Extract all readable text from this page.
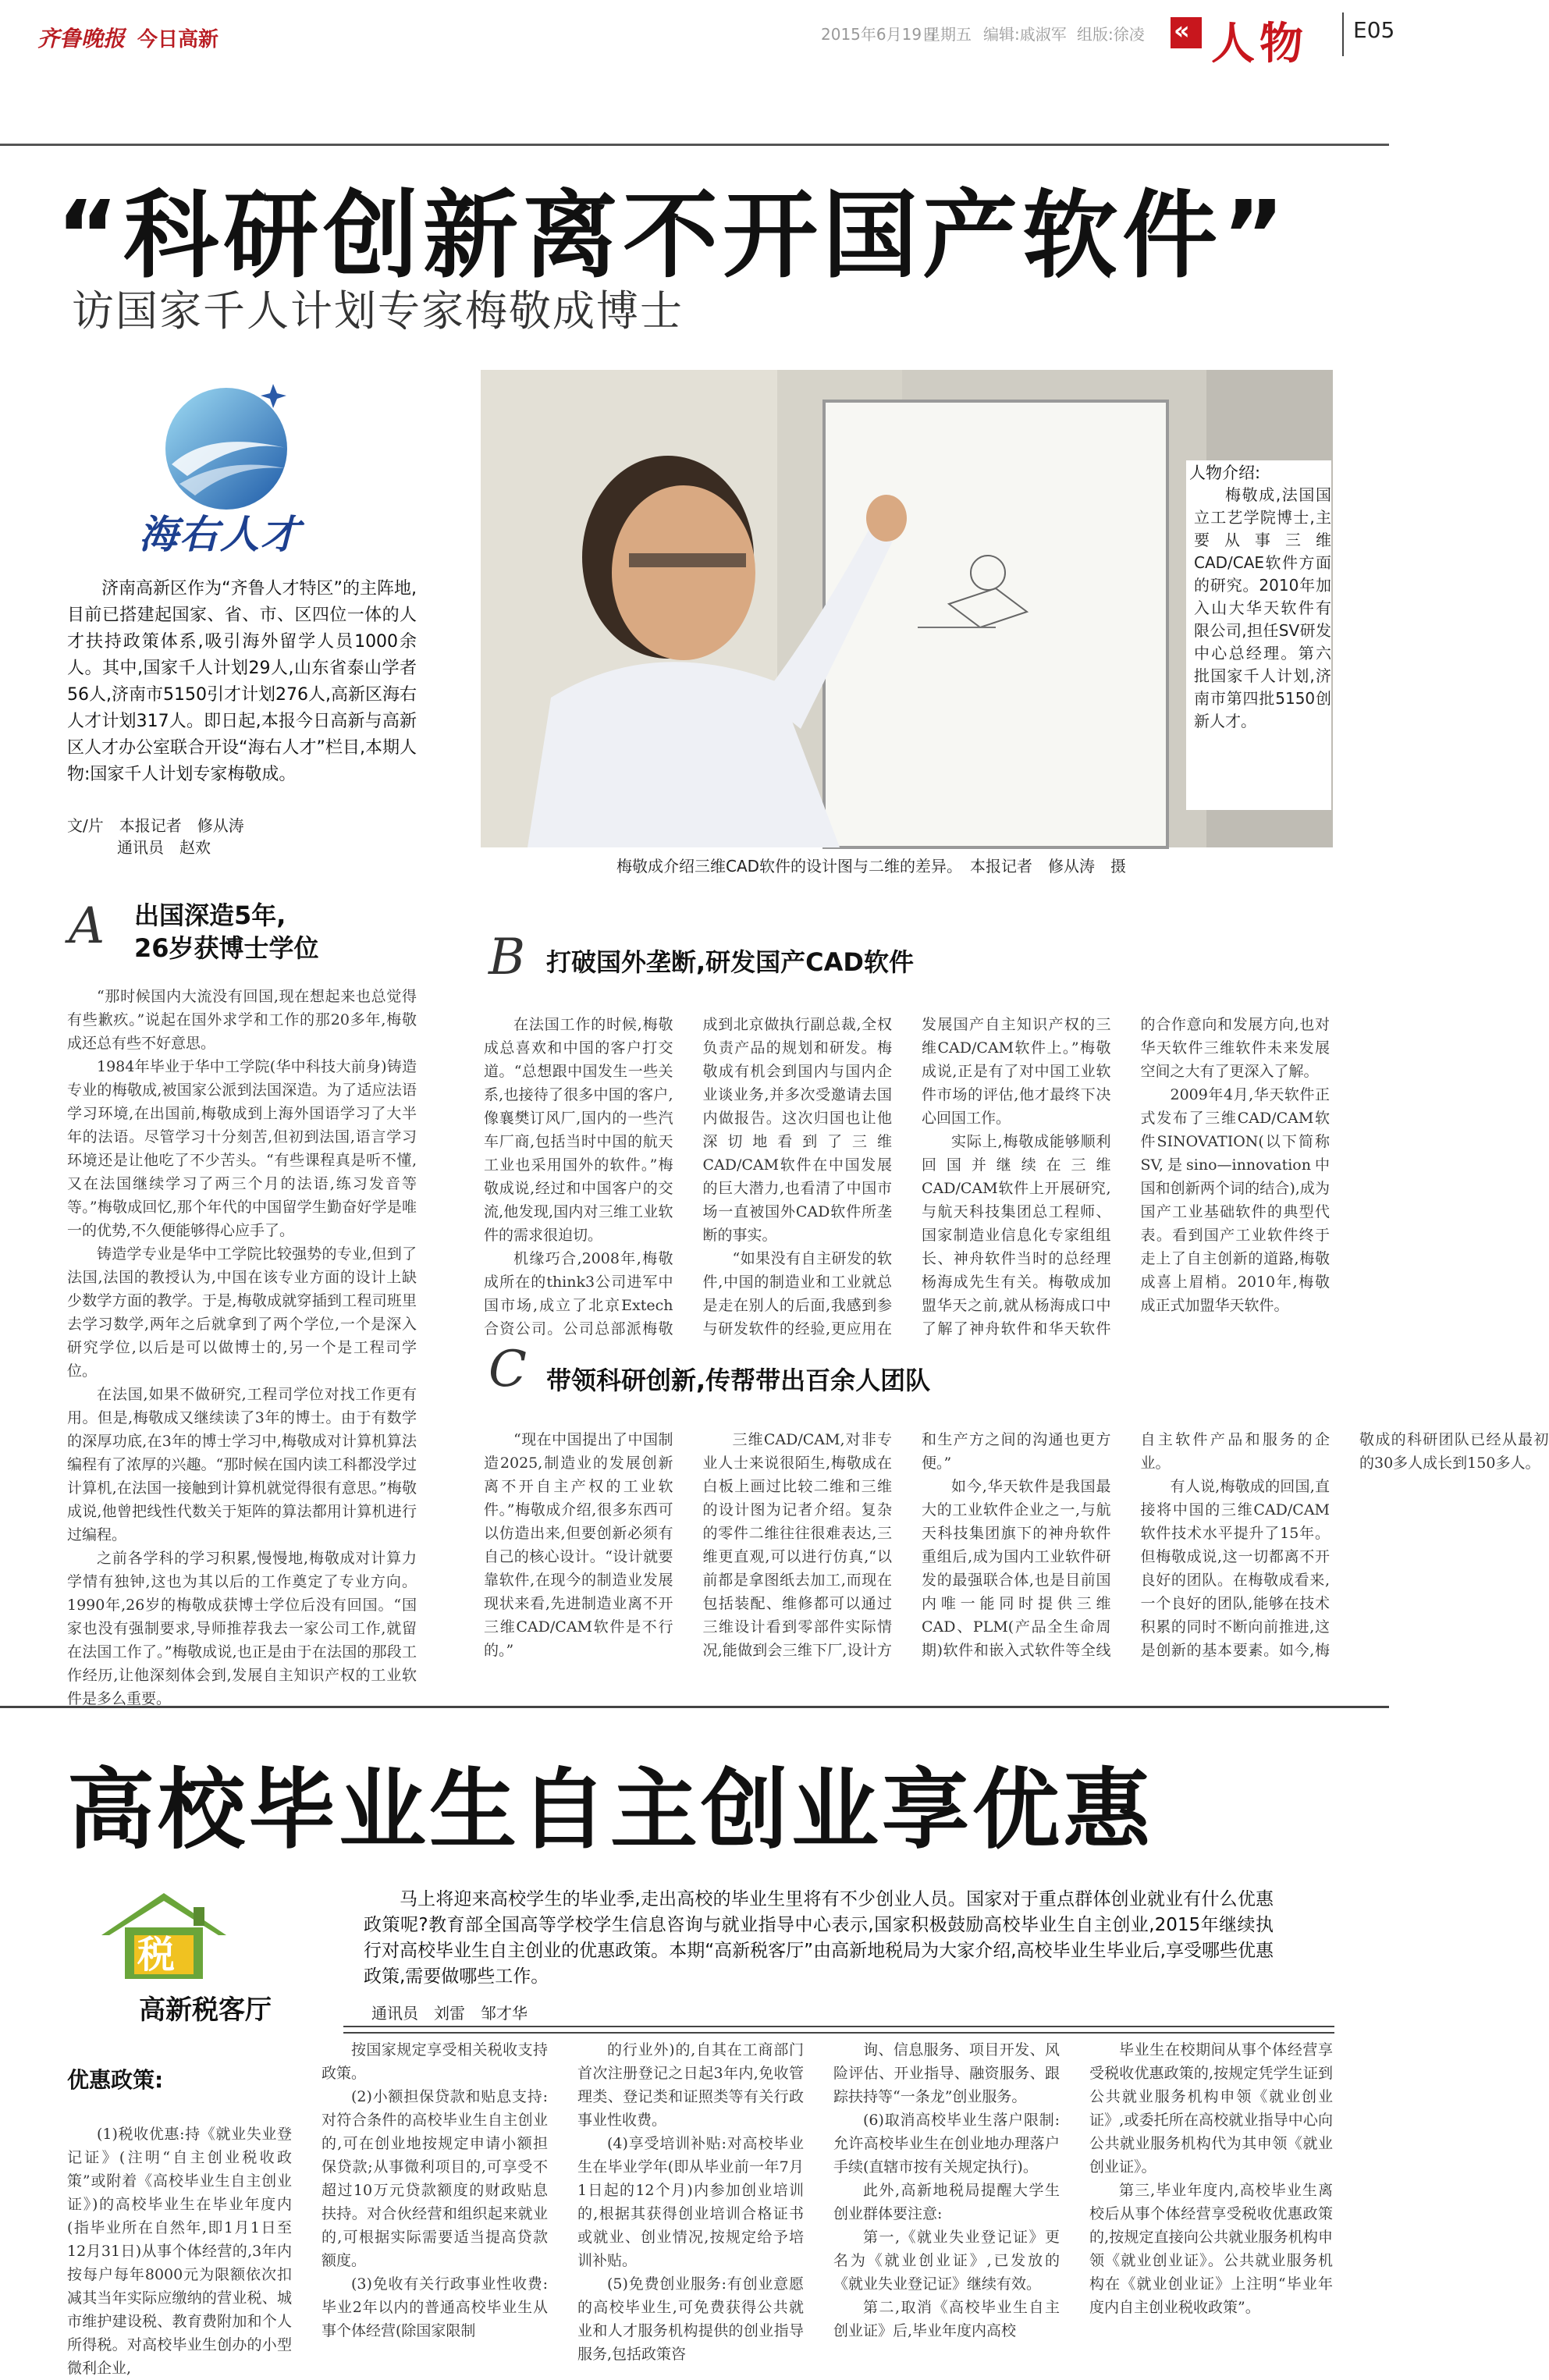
齐鲁晚报 今日高新	2015年6月19日
星期五 编辑:戚淑军 组版:徐凌 « 人物 E05
“科研创新离不开国产软件”
访国家千人计划专家梅敬成博士
海右人才
济南高新区作为“齐鲁人才特区”的主阵地,目前已搭建起国家、省、市、区四位一体的人才扶持政策体系,吸引海外留学人员1000余人。其中,国家千人计划29人,山东省泰山学者56人,济南市5150引才计划276人,高新区海右人才计划317人。即日起,本报今日高新与高新区人才办公室联合开设“海右人才”栏目,本期人物:国家千人计划专家梅敬成。
文/片　本报记者　修从涛
通讯员　赵欢
梅敬成介绍三维CAD软件的设计图与二维的差异。　本报记者　修从涛　摄
人物介绍:
梅敬成,法国国立工艺学院博士,主要从事三维CAD/CAE软件方面的研究。2010年加入山大华天软件有限公司,担任SV研发中心总经理。第六批国家千人计划,济南市第四批5150创新人才。
A 出国深造5年,
26岁获博士学位

“那时候国内大流没有回国,现在想起来也总觉得有些歉疚。”说起在国外求学和工作的那20多年,梅敬成还总有些不好意思。

1984年毕业于华中工学院(华中科技大前身)铸造专业的梅敬成,被国家公派到法国深造。为了适应法语学习环境,在出国前,梅敬成到上海外国语学习了大半年的法语。尽管学习十分刻苦,但初到法国,语言学习环境还是让他吃了不少苦头。“有些课程真是听不懂,又在法国继续学习了两三个月的法语,练习发音等等。”梅敬成回忆,那个年代的中国留学生勤奋好学是唯一的优势,不久便能够得心应手了。

铸造学专业是华中工学院比较强势的专业,但到了法国,法国的教授认为,中国在该专业方面的设计上缺少数学方面的教学。于是,梅敬成就穿插到工程司班里去学习数学,两年之后就拿到了两个学位,一个是深入研究学位,以后是可以做博士的,另一个是工程司学位。

在法国,如果不做研究,工程司学位对找工作更有用。但是,梅敬成又继续读了3年的博士。由于有数学的深厚功底,在3年的博士学习中,梅敬成对计算机算法编程有了浓厚的兴趣。“那时候在国内读工科都没学过计算机,在法国一接触到计算机就觉得很有意思。”梅敬成说,他曾把线性代数关于矩阵的算法都用计算机进行过编程。

之前各学科的学习积累,慢慢地,梅敬成对计算力学情有独钟,这也为其以后的工作奠定了专业方向。1990年,26岁的梅敬成获博士学位后没有回国。“国家也没有强制要求,导师推荐我去一家公司工作,就留在法国工作了。”梅敬成说,也正是由于在法国的那段工作经历,让他深刻体会到,发展自主知识产权的工业软件是多么重要。

B 打破国外垄断,研发国产CAD软件

在法国工作的时候,梅敬成总喜欢和中国的客户打交道。“总想跟中国发生一些关系,也接待了很多中国的客户,像襄樊订风厂,国内的一些汽车厂商,包括当时中国的航天工业也采用国外的软件。”梅敬成说,经过和中国客户的交流,他发现,国内对三维工业软件的需求很迫切。

机缘巧合,2008年,梅敬成所在的think3公司进军中国市场,成立了北京Extech合资公司。公司总部派梅敬成到北京做执行副总裁,全权负责产品的规划和研发。梅敬成有机会到国内与国内企业谈业务,并多次受邀请去国内做报告。这次归国也让他深切地看到了三维CAD/CAM软件在中国发展的巨大潜力,也看清了中国市场一直被国外CAD软件所垄断的事实。

“如果没有自主研发的软件,中国的制造业和工业就总是走在别人的后面,我感到参与研发软件的经验,更应用在发展国产自主知识产权的三维CAD/CAM软件上。”梅敬成说,正是有了对中国工业软件市场的评估,他才最终下决心回国工作。

实际上,梅敬成能够顺利回国并继续在三维CAD/CAM软件上开展研究,与航天科技集团总工程师、国家制造业信息化专家组组长、神舟软件当时的总经理杨海成先生有关。梅敬成加盟华天之前,就从杨海成口中了解了神舟软件和华天软件的合作意向和发展方向,也对华天软件三维软件未来发展空间之大有了更深入了解。

2009年4月,华天软件正式发布了三维CAD/CAM软件SINOVATION(以下简称SV,是sino—innovation中国和创新两个词的结合),成为国产工业基础软件的典型代表。看到国产工业软件终于走上了自主创新的道路,梅敬成喜上眉梢。2010年,梅敬成正式加盟华天软件。

C 带领科研创新,传帮带出百余人团队

“现在中国提出了中国制造2025,制造业的发展创新离不开自主产权的工业软件。”梅敬成介绍,很多东西可以仿造出来,但要创新必须有自己的核心设计。“设计就要靠软件,在现今的制造业发展现状来看,先进制造业离不开三维CAD/CAM软件是不行的。”

三维CAD/CAM,对非专业人士来说很陌生,梅敬成在白板上画过比较二维和三维的设计图为记者介绍。复杂的零件二维往往很难表达,三维更直观,可以进行仿真,“以前都是拿图纸去加工,而现在包括装配、维修都可以通过三维设计看到零部件实际情况,能做到会三维下厂,设计方和生产方之间的沟通也更方便。”

如今,华天软件是我国最大的工业软件企业之一,与航天科技集团旗下的神舟软件重组后,成为国内工业软件研发的最强联合体,也是目前国内唯一能同时提供三维CAD、PLM(产品全生命周期)软件和嵌入式软件等全线自主软件产品和服务的企业。

有人说,梅敬成的回国,直接将中国的三维CAD/CAM软件技术水平提升了15年。但梅敬成说,这一切都离不开良好的团队。在梅敬成看来,一个良好的团队,能够在技术积累的同时不断向前推进,这是创新的基本要素。如今,梅敬成的科研团队已经从最初的30多人成长到150多人。

高校毕业生自主创业享优惠
税
高新税客厅
马上将迎来高校学生的毕业季,走出高校的毕业生里将有不少创业人员。国家对于重点群体创业就业有什么优惠政策呢?教育部全国高等学校学生信息咨询与就业指导中心表示,国家积极鼓励高校毕业生自主创业,2015年继续执行对高校毕业生自主创业的优惠政策。本期“高新税客厅”由高新地税局为大家介绍,高校毕业生毕业后,享受哪些优惠政策,需要做哪些工作。
通讯员　刘雷　邹才华
优惠政策:

(1)税收优惠:持《就业失业登记证》(注明“自主创业税收政策”或附着《高校毕业生自主创业证》)的高校毕业生在毕业年度内(指毕业所在自然年,即1月1日至12月31日)从事个体经营的,3年内按每户每年8000元为限额依次扣减其当年实际应缴纳的营业税、城市维护建设税、教育费附加和个人所得税。对高校毕业生创办的小型微利企业,

按国家规定享受相关税收支持政策。

(2)小额担保贷款和贴息支持:对符合条件的高校毕业生自主创业的,可在创业地按规定申请小额担保贷款;从事微利项目的,可享受不超过10万元贷款额度的财政贴息扶持。对合伙经营和组织起来就业的,可根据实际需要适当提高贷款额度。

(3)免收有关行政事业性收费:毕业2年以内的普通高校毕业生从事个体经营(除国家限制

的行业外)的,自其在工商部门首次注册登记之日起3年内,免收管理类、登记类和证照类等有关行政事业性收费。

(4)享受培训补贴:对高校毕业生在毕业学年(即从毕业前一年7月1日起的12个月)内参加创业培训的,根据其获得创业培训合格证书或就业、创业情况,按规定给予培训补贴。

(5)免费创业服务:有创业意愿的高校毕业生,可免费获得公共就业和人才服务机构提供的创业指导服务,包括政策咨

询、信息服务、项目开发、风险评估、开业指导、融资服务、跟踪扶持等“一条龙”创业服务。

(6)取消高校毕业生落户限制:允许高校毕业生在创业地办理落户手续(直辖市按有关规定执行)。

此外,高新地税局提醒大学生创业群体要注意:

第一,《就业失业登记证》更名为《就业创业证》,已发放的《就业失业登记证》继续有效。

第二,取消《高校毕业生自主创业证》后,毕业年度内高校

毕业生在校期间从事个体经营享受税收优惠政策的,按规定凭学生证到公共就业服务机构申领《就业创业证》,或委托所在高校就业指导中心向公共就业服务机构代为其申领《就业创业证》。

第三,毕业年度内,高校毕业生离校后从事个体经营享受税收优惠政策的,按规定直接向公共就业服务机构申领《就业创业证》。公共就业服务机构在《就业创业证》上注明“毕业年度内自主创业税收政策”。
